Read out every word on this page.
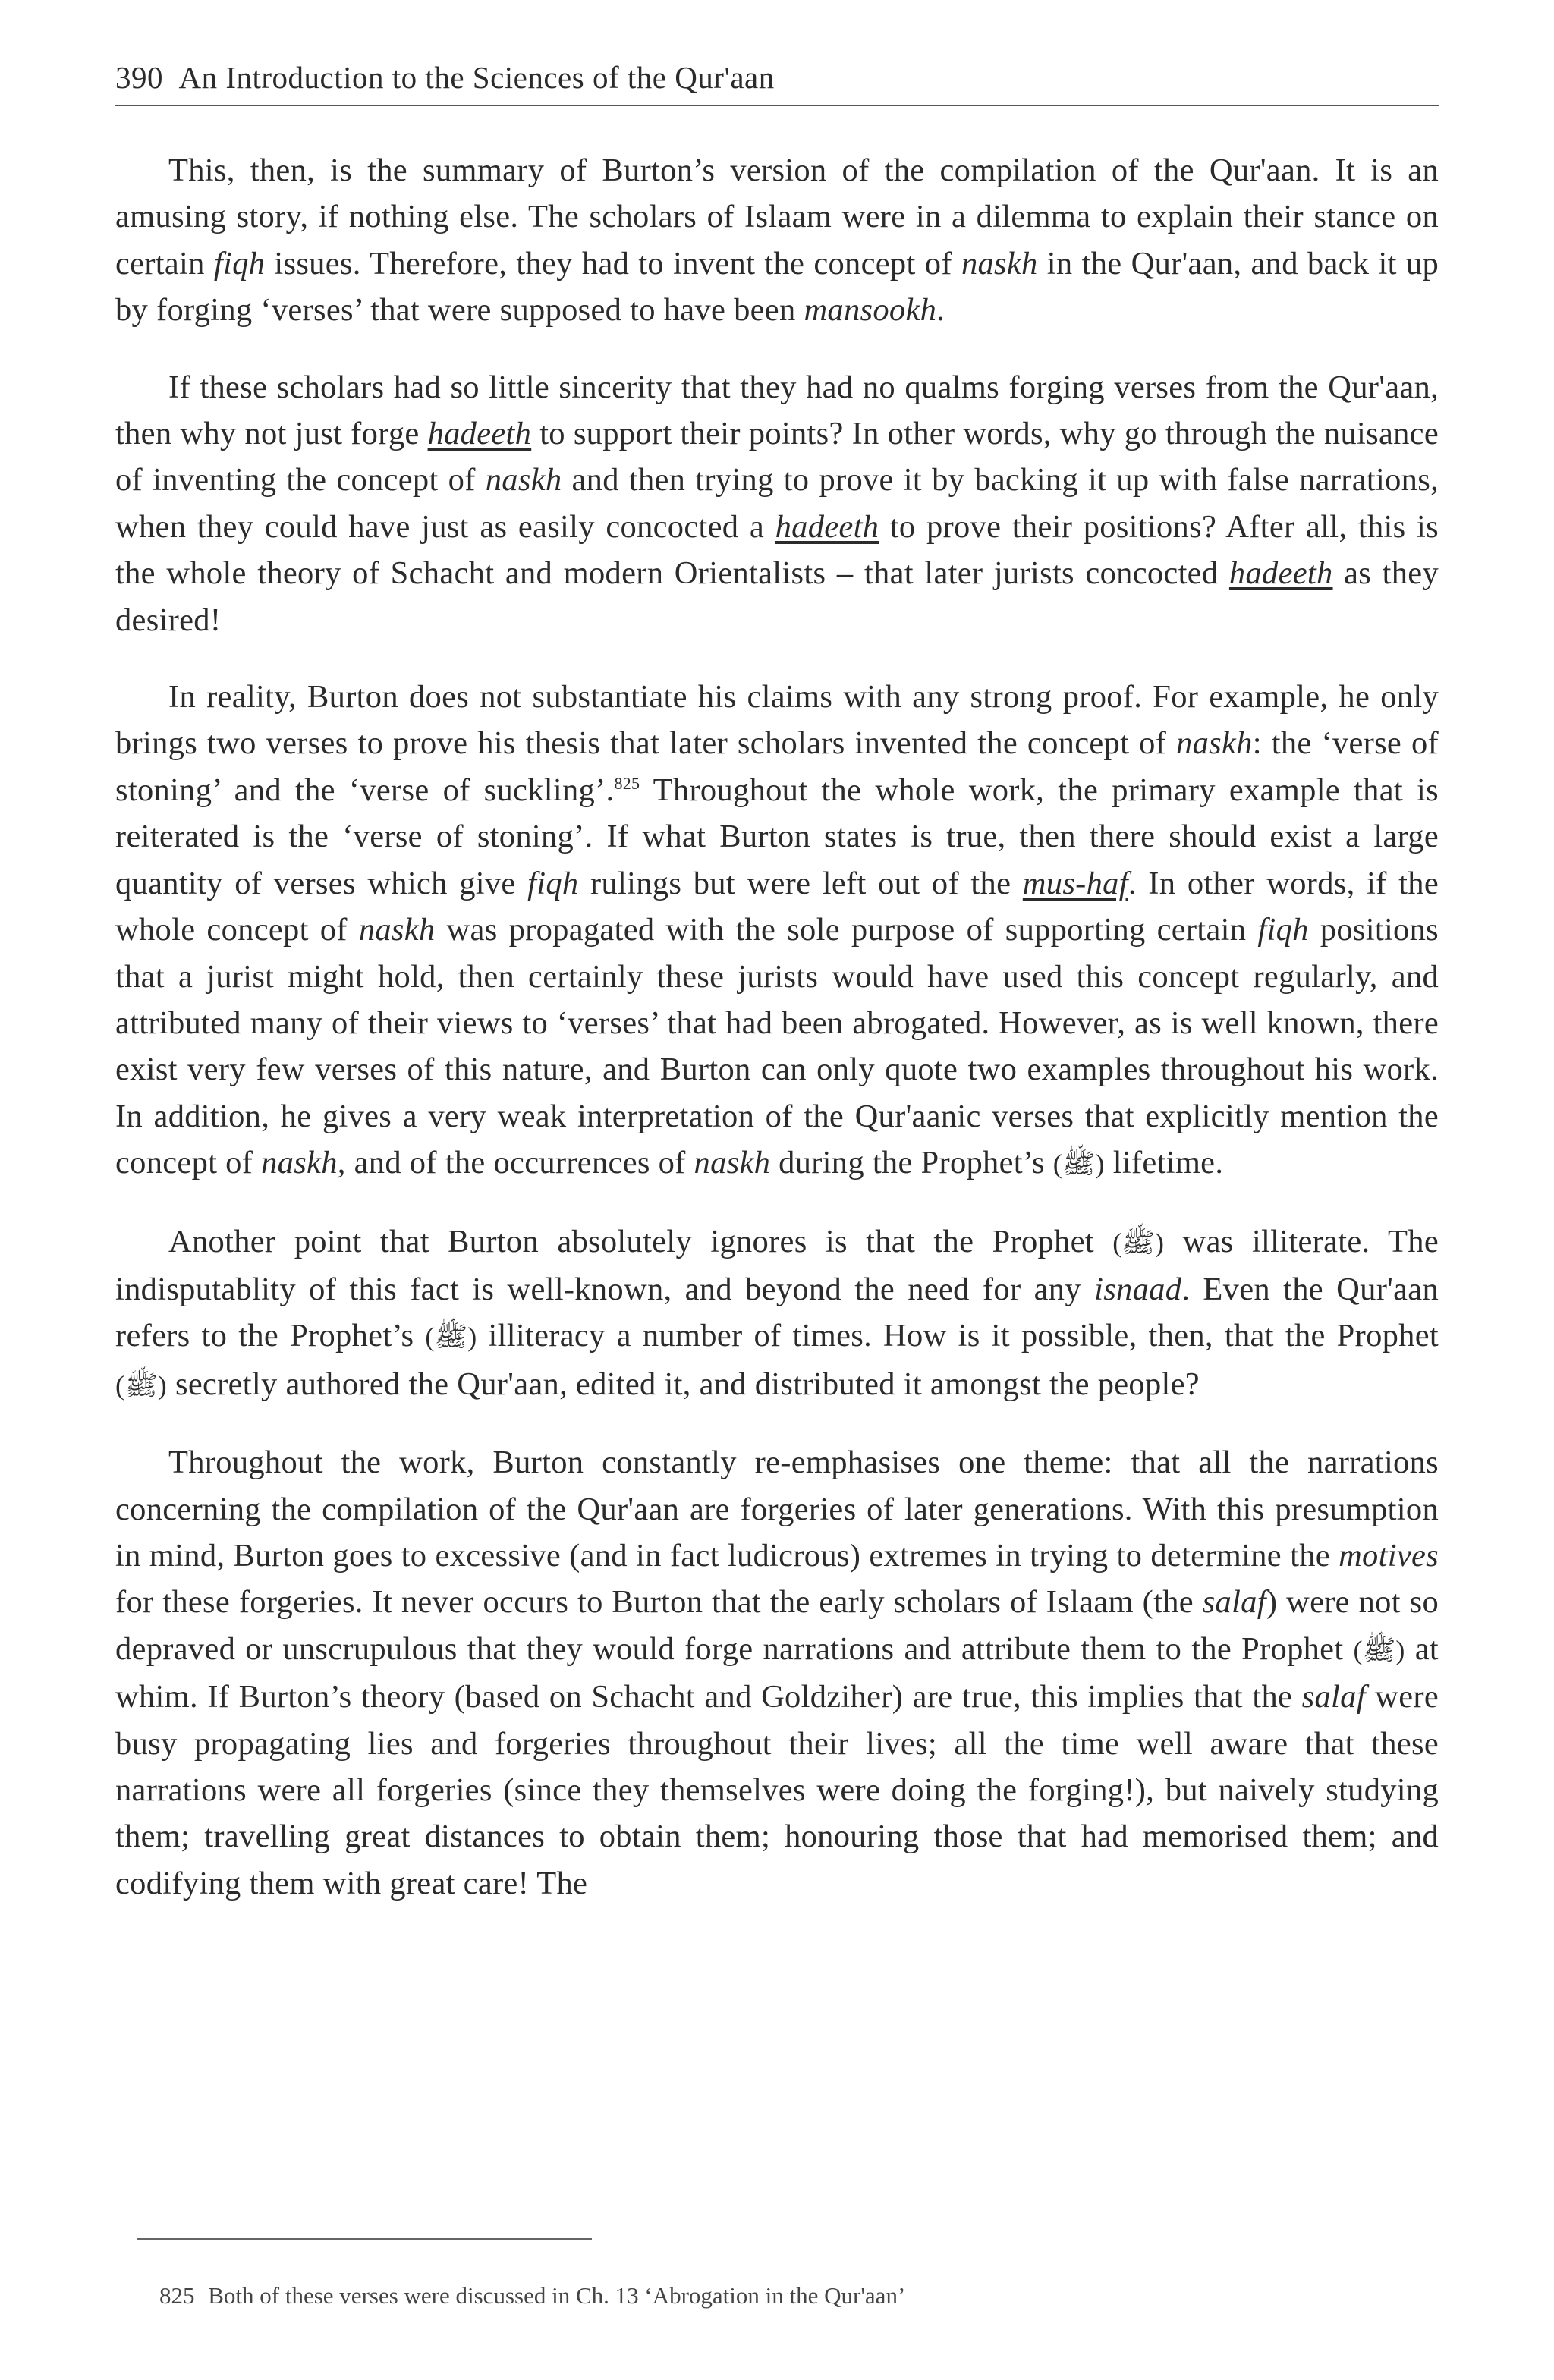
390 An Introduction to the Sciences of the Qur'aan

This, then, is the summary of Burton’s version of the compilation of the Qur'aan. It is an amusing story, if nothing else. The scholars of Islaam were in a dilemma to explain their stance on certain fiqh issues. Therefore, they had to invent the concept of naskh in the Qur'aan, and back it up by forging ‘verses’ that were supposed to have been mansookh.

If these scholars had so little sincerity that they had no qualms forging verses from the Qur'aan, then why not just forge hadeeth to support their points? In other words, why go through the nuisance of inventing the concept of naskh and then trying to prove it by backing it up with false narrations, when they could have just as easily concocted a hadeeth to prove their positions? After all, this is the whole theory of Schacht and modern Orientalists – that later jurists concocted hadeeth as they desired!

In reality, Burton does not substantiate his claims with any strong proof. For example, he only brings two verses to prove his thesis that later scholars invented the concept of naskh: the ‘verse of stoning’ and the ‘verse of suckling’.$^{825}$ Throughout the whole work, the primary example that is reiterated is the ‘verse of stoning’. If what Burton states is true, then there should exist a large quantity of verses which give fiqh rulings but were left out of the mus-haf. In other words, if the whole concept of naskh was propagated with the sole purpose of supporting certain fiqh positions that a jurist might hold, then certainly these jurists would have used this concept regularly, and attributed many of their views to ‘verses’ that had been abrogated. However, as is well known, there exist very few verses of this nature, and Burton can only quote two examples throughout his work. In addition, he gives a very weak interpretation of the Qur'aanic verses that explicitly mention the concept of naskh, and of the occurrences of naskh during the Prophet’s (ﷺ) lifetime.

Another point that Burton absolutely ignores is that the Prophet (ﷺ) was illiterate. The indisputablity of this fact is well-known, and beyond the need for any isnaad. Even the Qur'aan refers to the Prophet’s (ﷺ) illiteracy a number of times. How is it possible, then, that the Prophet (ﷺ) secretly authored the Qur'aan, edited it, and distributed it amongst the people?

Throughout the work, Burton constantly re-emphasises one theme: that all the narrations concerning the compilation of the Qur'aan are forgeries of later generations. With this presumption in mind, Burton goes to excessive (and in fact ludicrous) extremes in trying to determine the motives for these forgeries. It never occurs to Burton that the early scholars of Islaam (the salaf) were not so depraved or unscrupulous that they would forge narrations and attribute them to the Prophet (ﷺ) at whim. If Burton’s theory (based on Schacht and Goldziher) are true, this implies that the salaf were busy propagating lies and forgeries throughout their lives; all the time well aware that these narrations were all forgeries (since they themselves were doing the forging!), but naively studying them; travelling great distances to obtain them; honouring those that had memorised them; and codifying them with great care! The

825 Both of these verses were discussed in Ch. 13 ‘Abrogation in the Qur'aan’
